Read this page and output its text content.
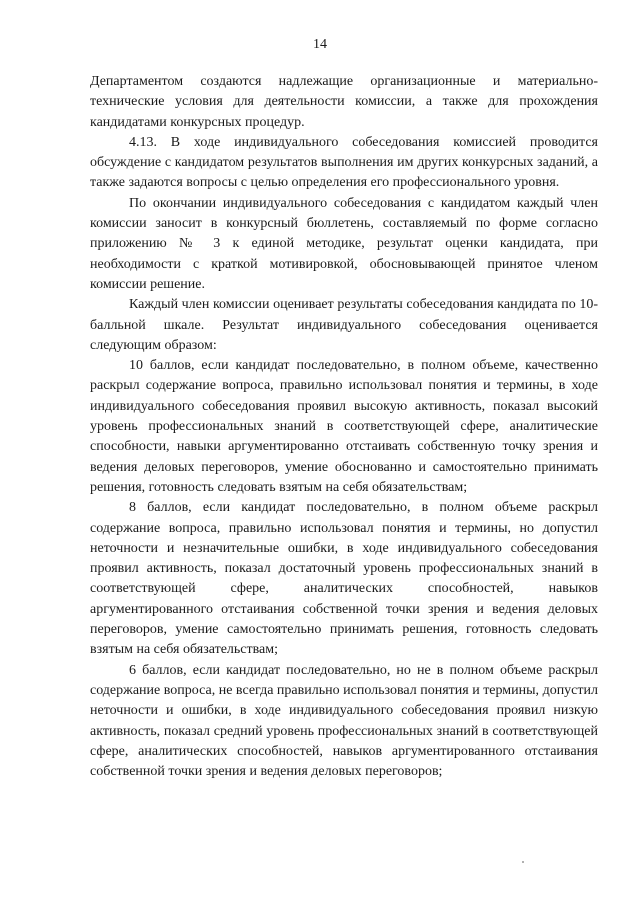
14

Департаментом создаются надлежащие организационные и материально-технические условия для деятельности комиссии, а также для прохождения кандидатами конкурсных процедур.

4.13. В ходе индивидуального собеседования комиссией проводится обсуждение с кандидатом результатов выполнения им других конкурсных заданий, а также задаются вопросы с целью определения его профессионального уровня.

По окончании индивидуального собеседования с кандидатом каждый член комиссии заносит в конкурсный бюллетень, составляемый по форме согласно приложению № 3 к единой методике, результат оценки кандидата, при необходимости с краткой мотивировкой, обосновывающей принятое членом комиссии решение.

Каждый член комиссии оценивает результаты собеседования кандидата по 10-балльной шкале. Результат индивидуального собеседования оценивается следующим образом:

10 баллов, если кандидат последовательно, в полном объеме, качественно раскрыл содержание вопроса, правильно использовал понятия и термины, в ходе индивидуального собеседования проявил высокую активность, показал высокий уровень профессиональных знаний в соответствующей сфере, аналитические способности, навыки аргументированно отстаивать собственную точку зрения и ведения деловых переговоров, умение обоснованно и самостоятельно принимать решения, готовность следовать взятым на себя обязательствам;

8 баллов, если кандидат последовательно, в полном объеме раскрыл содержание вопроса, правильно использовал понятия и термины, но допустил неточности и незначительные ошибки, в ходе индивидуального собеседования проявил активность, показал достаточный уровень профессиональных знаний в соответствующей сфере, аналитических способностей, навыков аргументированного отстаивания собственной точки зрения и ведения деловых переговоров, умение самостоятельно принимать решения, готовность следовать взятым на себя обязательствам;

6 баллов, если кандидат последовательно, но не в полном объеме раскрыл содержание вопроса, не всегда правильно использовал понятия и термины, допустил неточности и ошибки, в ходе индивидуального собеседования проявил низкую активность, показал средний уровень профессиональных знаний в соответствующей сфере, аналитических способностей, навыков аргументированного отстаивания собственной точки зрения и ведения деловых переговоров;
